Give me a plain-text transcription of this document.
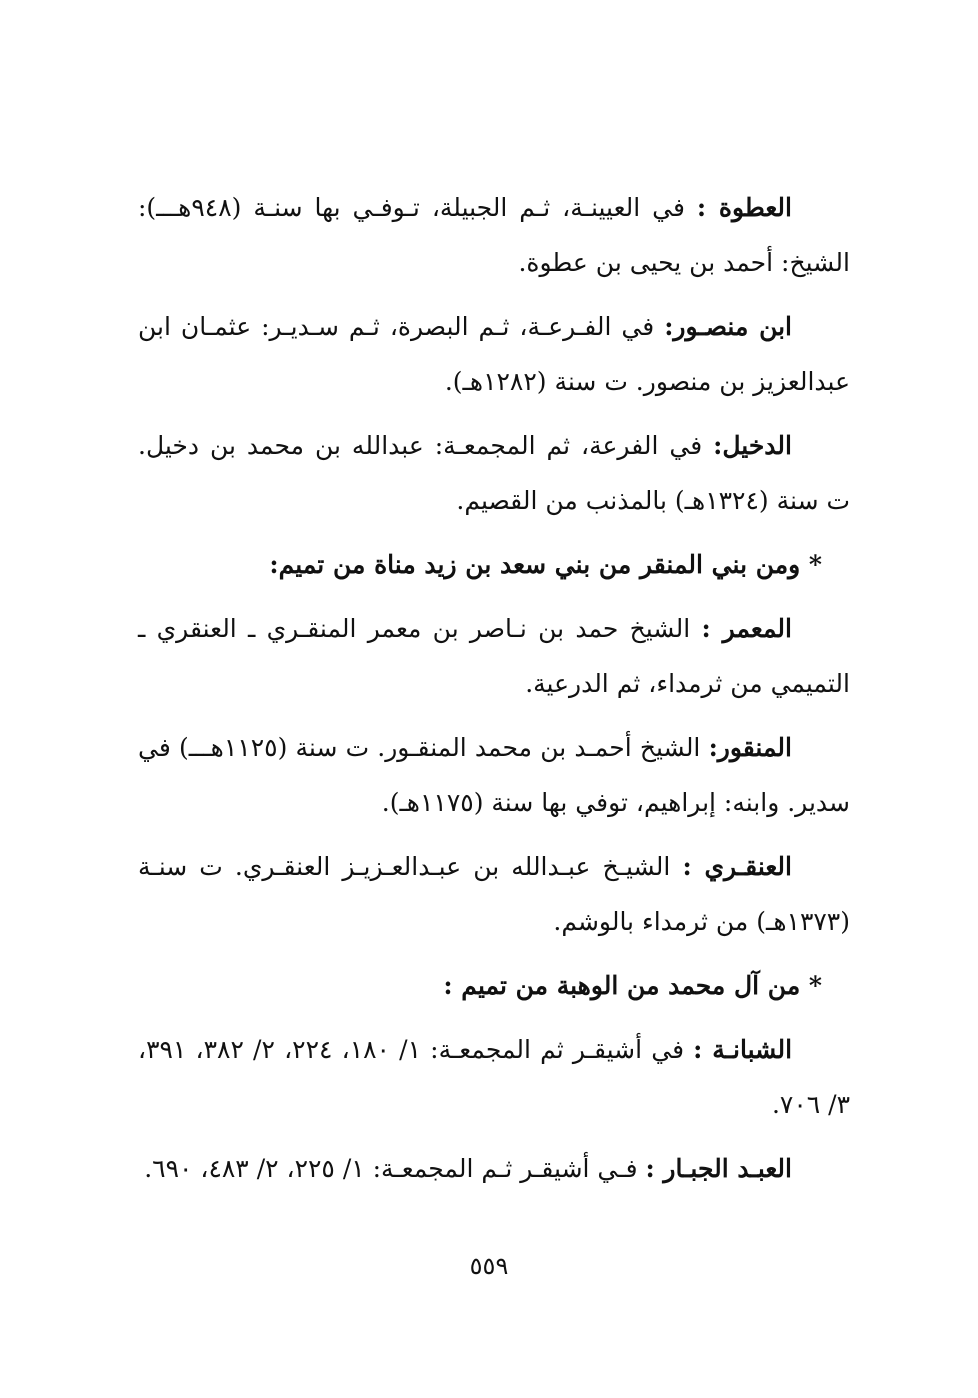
العطوة : في العيينـة، ثـم الجبيلة، تـوفـي بها سنـة (٩٤٨هـــ): الشيخ: أحمد بن يحيى بن عطوة.

ابن منصـور: في الفـرعـة، ثـم البصرة، ثـم سـديـر: عثمـان ابن عبدالعزيز بن منصور. ت سنة (١٢٨٢هـ).

الدخيل: في الفرعة، ثم المجمعـة: عبدالله بن محمد بن دخيل. ت سنة (١٣٢٤هـ) بالمذنب من القصيم.

* ومن بني المنقر من بني سعد بن زيد مناة من تميم:

المعمر : الشيخ حمد بن نـاصر بن معمر المنقـري ـ العنقري ـ التميمي من ثرمداء، ثم الدرعية.

المنقور: الشيخ أحمـد بن محمد المنقـور. ت سنة (١١٢٥هـــ) في سدير. وابنه: إبراهيم، توفي بها سنة (١١٧٥هـ).

العنقـري : الشيـخ عبـدالله بن عبـدالعـزيـز العنقـري. ت سنـة (١٣٧٣هـ) من ثرمداء بالوشم.

* من آل محمد من الوهبة من تميم :

الشبانـة : في أشيقـر ثم المجمعـة: ١/ ١٨٠، ٢٢٤، ٢/ ٣٨٢، ٣٩١، ٣/ ٧٠٦.

العبـد الجبـار : فـي أشيقـر ثـم المجمعـة: ١/ ٢٢٥، ٢/ ٤٨٣، ٦٩٠.

٥٥٩
